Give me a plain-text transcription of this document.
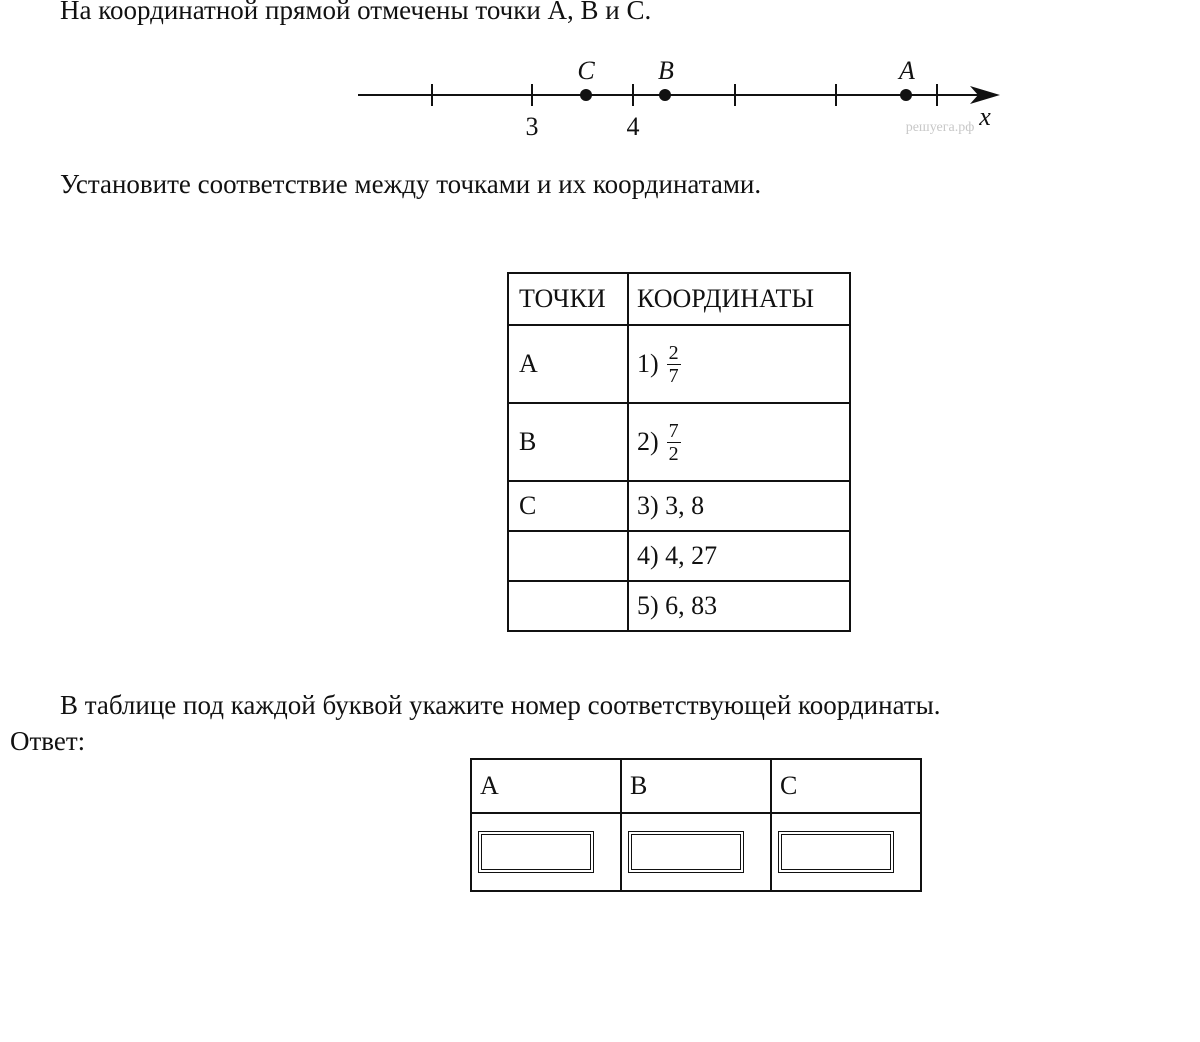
На координатной прямой отмечены точки A, B и C.

C B	A
3	4	x
решуега.рф

Установите соответствие между точками и их координатами.

ТОЧКИ	КООРДИНАТЫ
A	$1) \frac{2}{7}$

B	$2) \frac{7}{2}$

C	3) 3, 8
	4) 4, 27
	5) 6, 83

В таблице под каждой буквой укажите номер соответствующей координаты.

Ответ:

A	B	C
